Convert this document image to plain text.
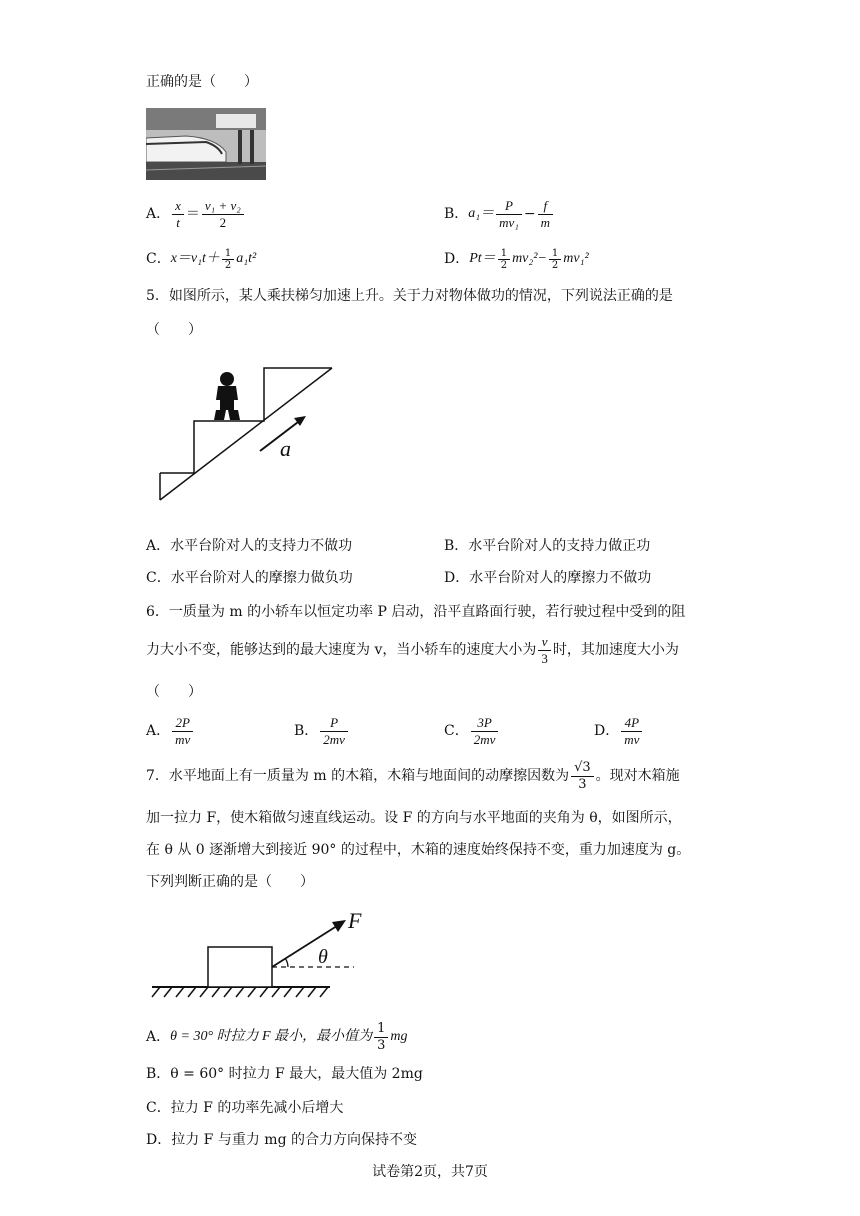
正确的是（　　）
A． $\frac{x}{t} = \frac{\text{v₁ + v₂}}{2}$	B． $a_1= \frac{P}{\text{mv₁}} - \frac{f}{m}$
C． $x=v_1t+ \frac{1}{2} a_1t^2$	D． $Pt= \frac{1}{2} mv_2^2- \frac{1}{2} mv_1^2$
5．如图所示，某人乘扶梯匀加速上升。关于力对物体做功的情况，下列说法正确的是
（　　）
a
A．水平台阶对人的支持力不做功	B．水平台阶对人的支持力做正功
C．水平台阶对人的摩擦力做负功	D．水平台阶对人的摩擦力不做功
6．一质量为 m 的小轿车以恒定功率 P 启动，沿平直路面行驶，若行驶过程中受到的阻
力大小不变，能够达到的最大速度为 v，当小轿车的速度大小为 $\frac{v}{3}$ 时，其加速度大小为
（　　）
A． $\frac{2P}{mv}$	B． $\frac{P}{2mv}$	C． $\frac{3P}{2mv}$	D． $\frac{4P}{mv}$
7．水平地面上有一质量为 m 的木箱，木箱与地面间的动摩擦因数为 $\frac{√3}{3}$ 。现对木箱施
加一拉力 F，使木箱做匀速直线运动。设 F 的方向与水平地面的夹角为 θ，如图所示，
在 θ 从 0 逐渐增大到接近 90° 的过程中，木箱的速度始终保持不变，重力加速度为 g。
下列判断正确的是（　　）
F
θ
A． θ = 30° 时拉力 F 最小，最小值为 $\frac{1}{3}$ mg
B．θ = 60° 时拉力 F 最大，最大值为 2mg
C．拉力 F 的功率先减小后增大
D．拉力 F 与重力 mg 的合力方向保持不变
试卷第2页，共7页
